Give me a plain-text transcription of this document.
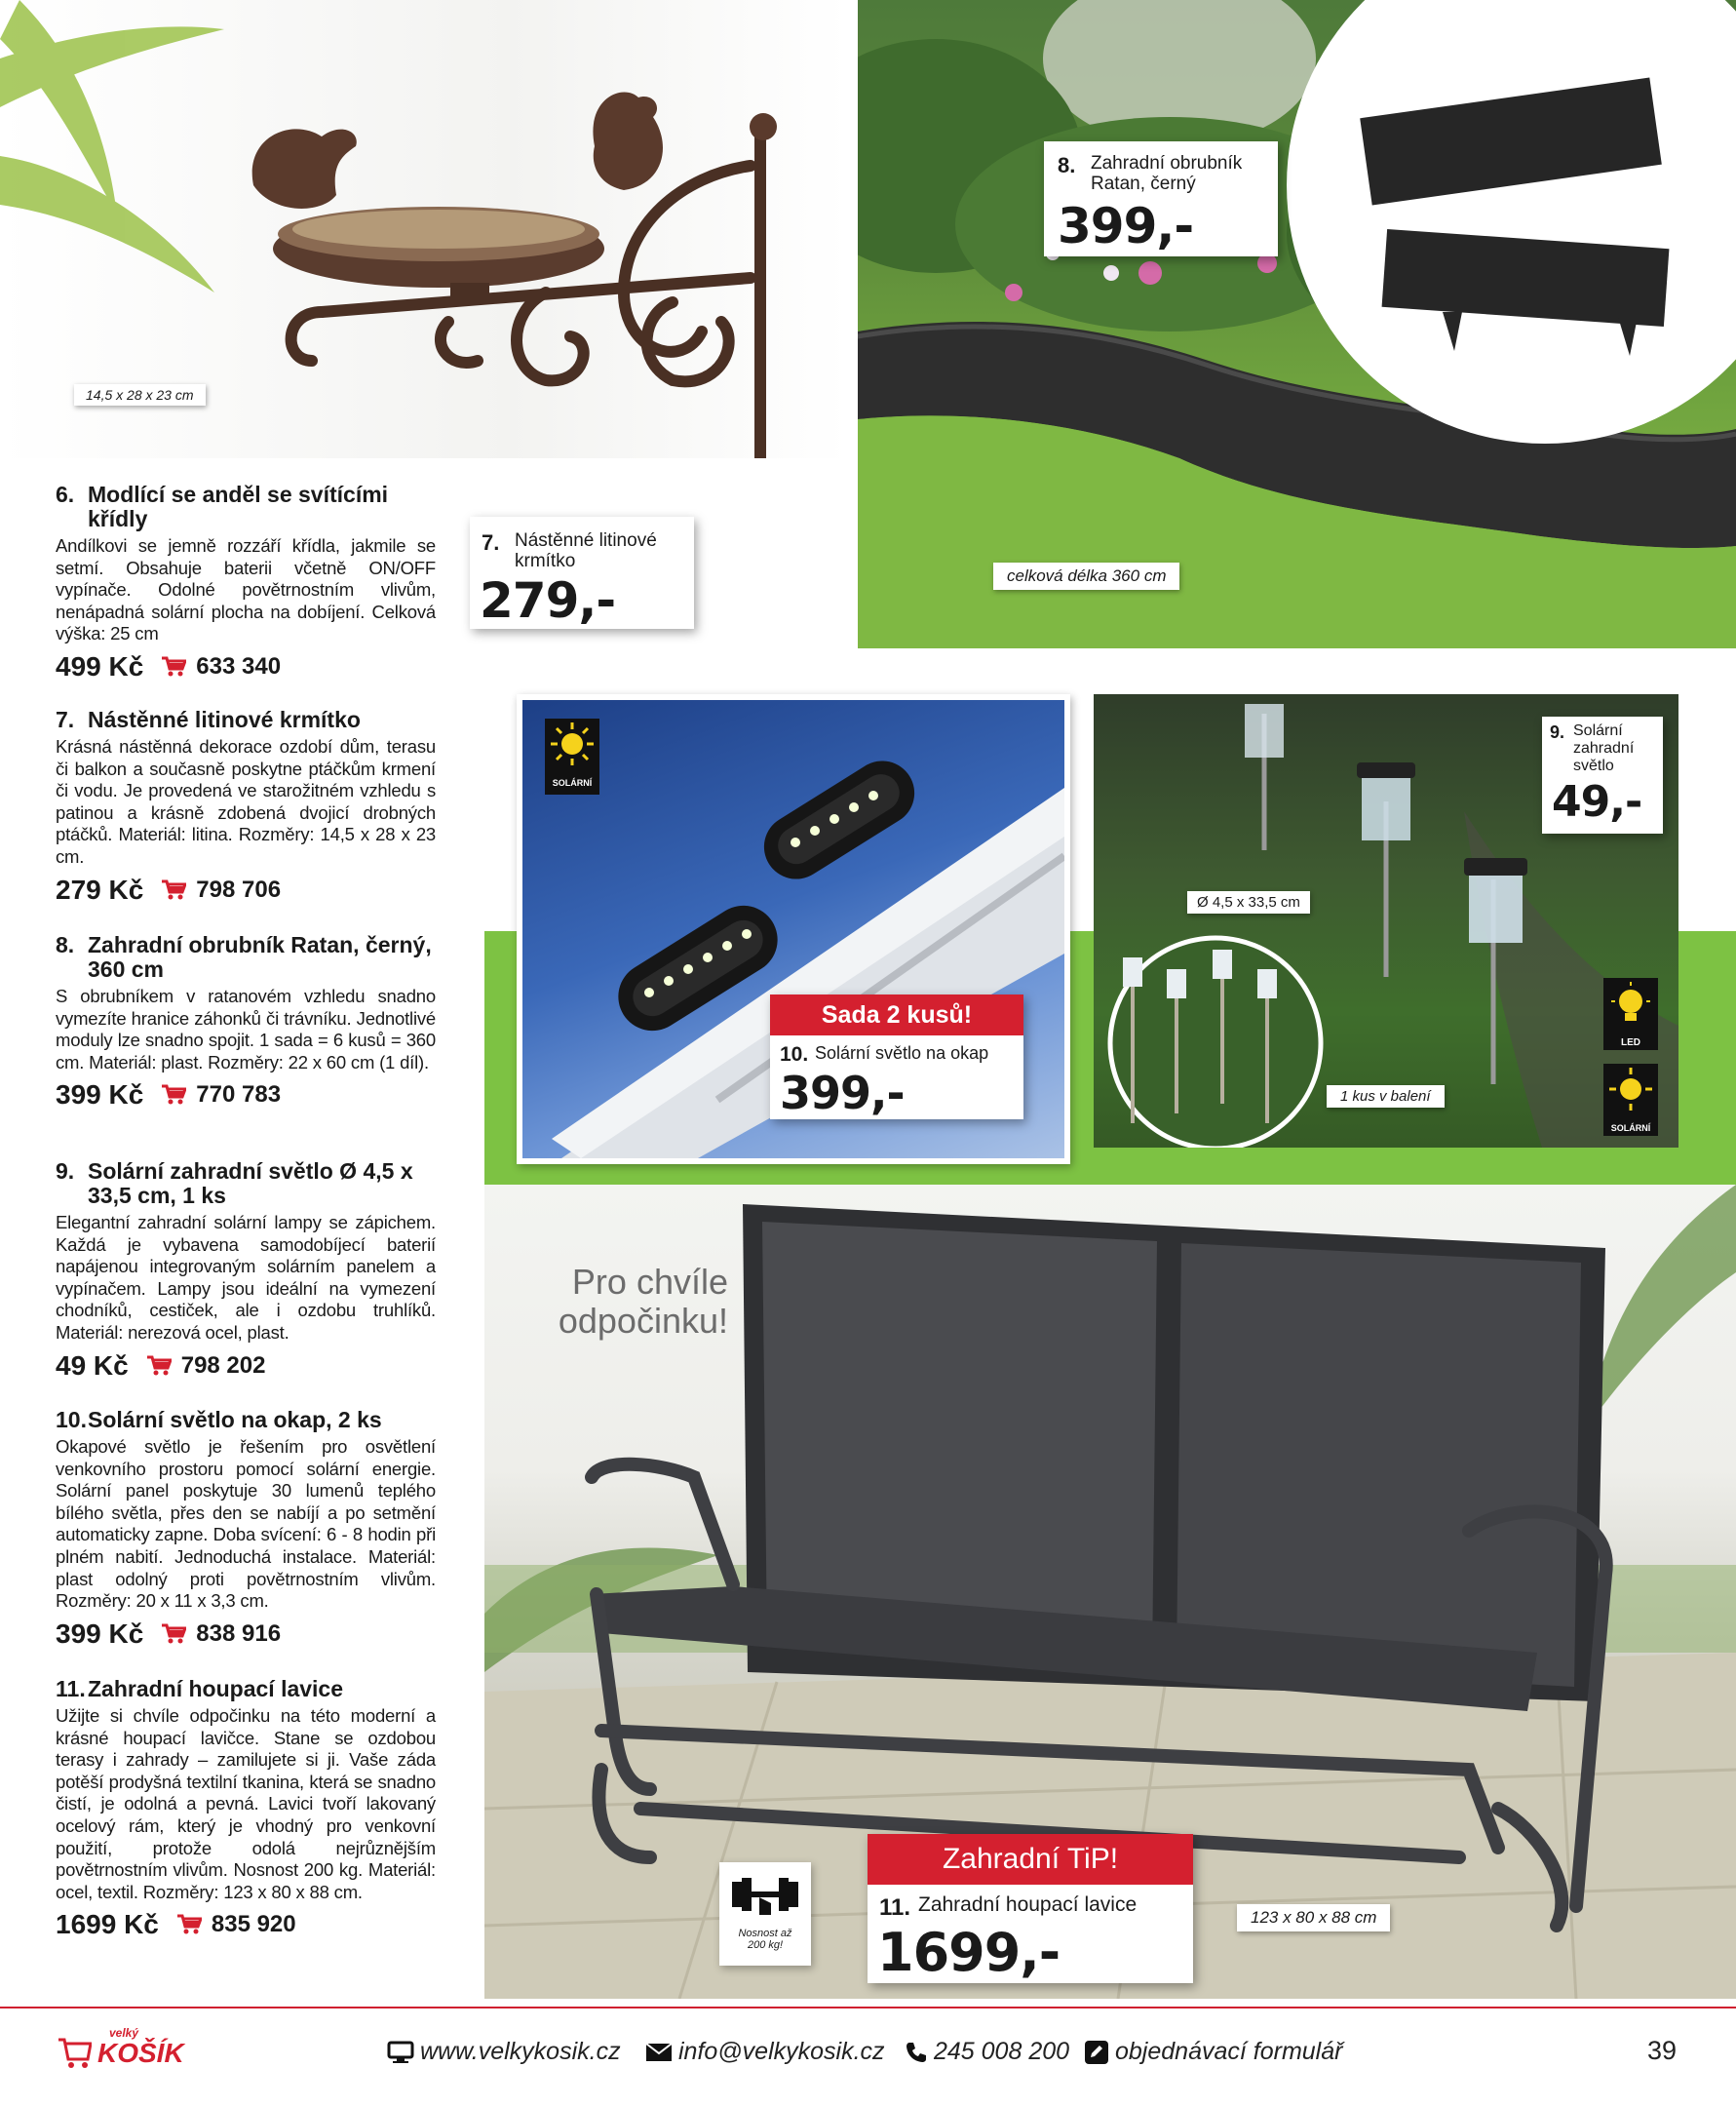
6. Modlící se anděl se svítícími křídly

Andílkovi se jemně rozzáří křídla, jakmile se setmí. Obsahuje baterii včetně ON/OFF vypínače. Odolné povětrnostním vlivům, nenápadná solární plocha na dobíjení. Celková výška: 25 cm

499 Kč 633 340
7. Nástěnné litinové krmítko

Krásná nástěnná dekorace ozdobí dům, terasu či balkon a současně poskytne ptáčkům krmení či vodu. Je provedená ve starožitném vzhledu s patinou a krásně zdobená dvojicí drobných ptáčků. Materiál: litina. Rozměry: 14,5 x 28 x 23 cm.

279 Kč 798 706
8. Zahradní obrubník Ratan, černý, 360 cm

S obrubníkem v ratanovém vzhledu snadno vymezíte hranice záhonků či trávníku. Jednotlivé moduly lze snadno spojit. 1 sada = 6 kusů = 360 cm. Materiál: plast. Rozměry: 22 x 60 cm (1 díl).

399 Kč 770 783
9. Solární zahradní světlo Ø 4,5 x 33,5 cm, 1 ks

Elegantní zahradní solární lampy se zápichem. Každá je vybavena samodobíjecí baterií napájenou integrovaným solárním panelem a vypínačem. Lampy jsou ideální na vymezení chodníků, cestiček, ale i ozdobu truhlíků. Materiál: nerezová ocel, plast.

49 Kč 798 202
10. Solární světlo na okap, 2 ks

Okapové světlo je řešením pro osvětlení venkovního prostoru pomocí solární energie. Solární panel poskytuje 30 lumenů teplého bílého světla, přes den se nabíjí a po setmění automaticky zapne. Doba svícení: 6 - 8 hodin při plném nabití. Jednoduchá instalace. Materiál: plast odolný proti povětrnostním vlivům. Rozměry: 20 x 11 x 3,3 cm.

399 Kč 838 916
11. Zahradní houpací lavice

Užijte si chvíle odpočinku na této moderní a krásné houpací lavičce. Stane se ozdobou terasy i zahrady – zamilujete si ji. Vaše záda potěší prodyšná textilní tkanina, která se snadno čistí, je odolná a pevná. Lavici tvoří lakovaný ocelový rám, který je vhodný pro venkovní použití, protože odolá nejrůznějším povětrnostním vlivům. Nosnost 200 kg. Materiál: ocel, textil. Rozměry: 123 x 80 x 88 cm.

1699 Kč 835 920
14,5 x 28 x 23 cm
7. Nástěnné litinové krmítko
279,-	celková délka 360 cm
8. Zahradní obrubník Ratan, černý
399,-
SOLÁRNÍ
Sada 2 kusů!
10. Solární světlo na okap
399,-
Ø 4,5 x 33,5 cm
1 kus v balení
9. Solární zahradní světlo
49,-
LED
SOLÁRNÍ
Pro chvíle
odpočinku!
Nosnost až
200 kg!
Zahradní TiP!
11. Zahradní houpací lavice
1699,-
123 x 80 x 88 cm
velký
KOŠÍK	www.velkykosik.cz info@velkykosik.cz 245 008 200 objednávací formulář	39
